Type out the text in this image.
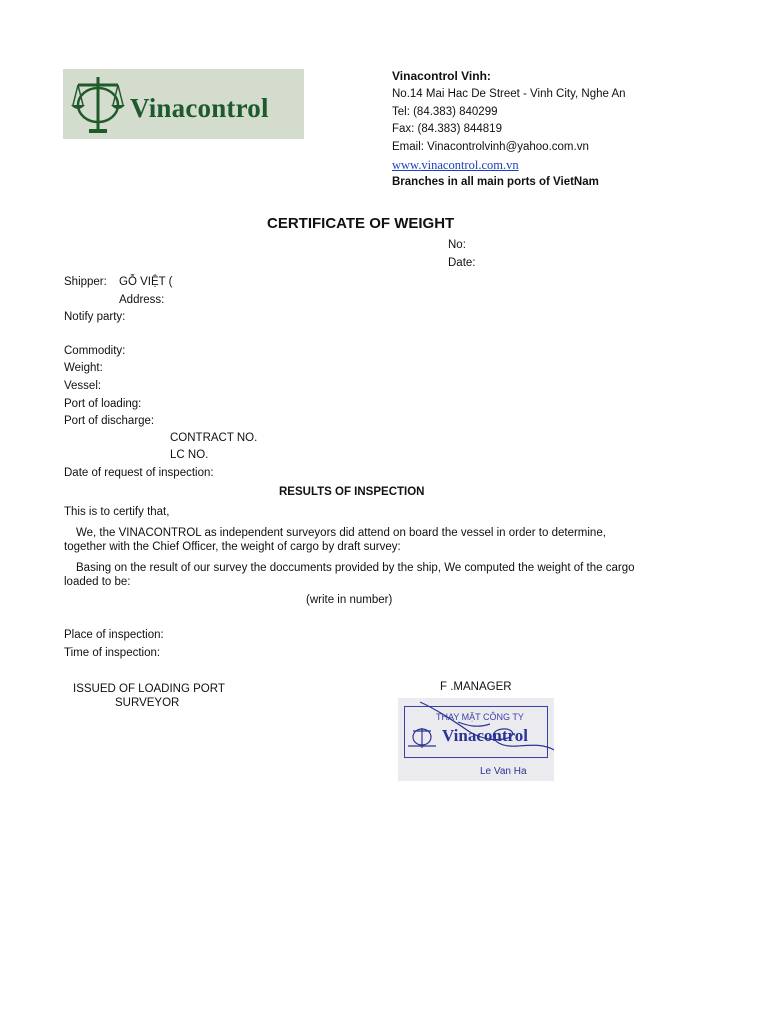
Vinacontrol
Vinacontrol Vinh:
No.14 Mai Hac De Street - Vinh City, Nghe An
Tel: (84.383) 840299
Fax: (84.383) 844819
Email: Vinacontrolvinh@yahoo.com.vn
www.vinacontrol.com.vn
Branches in all main ports of VietNam
CERTIFICATE OF WEIGHT
No:
Date:
Shipper: GỖ VIỆT (
Address:
Notify party:
Commodity:
Weight:
Vessel:
Port of loading:
Port of discharge:
CONTRACT NO.
LC NO.
Date of request of inspection:
RESULTS OF INSPECTION
This is to certify that,
We, the VINACONTROL as independent surveyors did attend on board the vessel in order to determine, together with the Chief Officer, the weight of cargo by draft survey:
Basing on the result of our survey the doccuments provided by the ship, We computed the weight of the cargo loaded to be:
(write in number)
Place of inspection:
Time of inspection:
ISSUED OF LOADING PORT
SURVEYOR
F .MANAGER
THAY MẶT CÔNG TY
Vinacontrol
Le Van Ha
